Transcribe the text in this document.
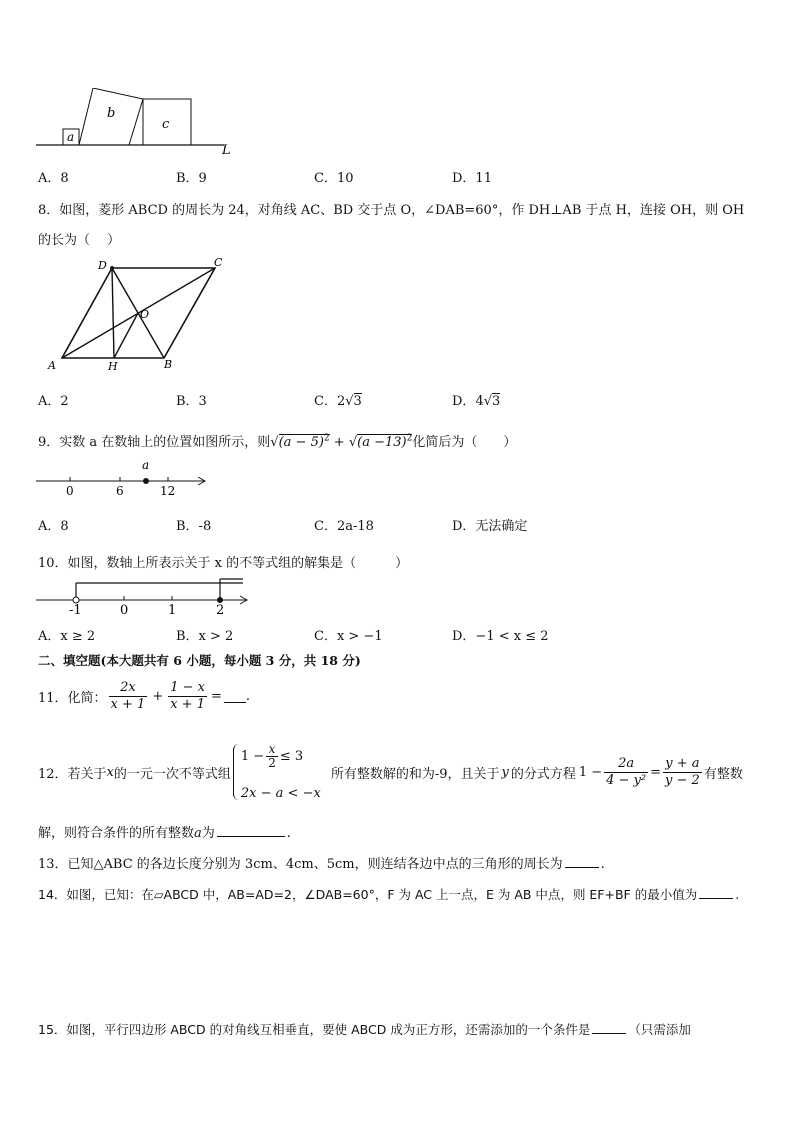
a
b
c
L
A．8	B．9	C．10	D．11
8．如图，菱形 ABCD 的周长为 24，对角线 AC、BD 交于点 O，∠DAB=60°，作 DH⊥AB 于点 H，连接 OH，则 OH
的长为（　 ）
D	C
O
A	H	B
A．2	B．3	C．2√3	D．4√3
9．实数 a 在数轴上的位置如图所示，则$√(a - 5)^2 + √(a -13)^2$化简后为（　　）
a
0	6	12
A．8	B．-8	C．2a-18	D．无法确定
10．如图，数轴上所表示关于 x 的不等式组的解集是（　　　）
-1	0	1	2
A．x ≥ 2	B．x > 2	C．x > −1	D．−1 < x ≤ 2
二、填空题(本大题共有 6 小题，每小题 3 分，共 18 分)
11．化简： $\frac{2x}{x + 1} + \frac{1 - x}{x + 1}$ = .
12．若关于 x 的一元一次不等式组
$1 - \frac{x}{2} \le 3$
2x − a < −x
所有整数解的和为-9，且关于 y 的分式方程 $1 - \frac{2a}{\text{4 − y²}} = \frac{y + a}{y - 2}$ 有整数
解，则符合条件的所有整数a为	.
13．已知△ABC 的各边长度分别为 3cm、4cm、5cm，则连结各边中点的三角形的周长为	.
14．如图，已知：在▱ABCD 中，AB=AD=2，∠DAB=60°，F 为 AC 上一点，E 为 AB 中点，则 EF+BF 的最小值为	.
15．如图，平行四边形 ABCD 的对角线互相垂直，要使 ABCD 成为正方形，还需添加的一个条件是	（只需添加
